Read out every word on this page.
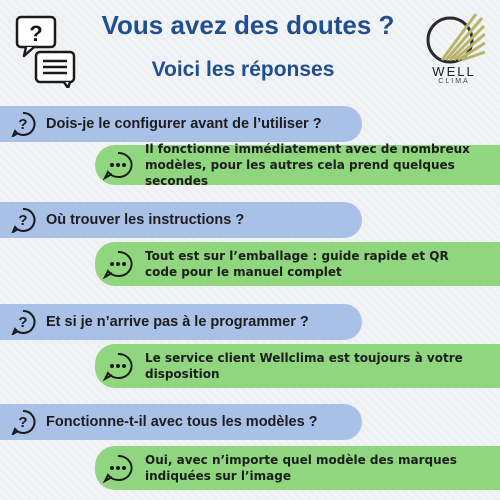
?	Vous avez des doutes ?
Voici les réponses	WELL
CLIMA
? Dois-je le configurer avant de l’utiliser ?
Il fonctionne immédiatement avec de nombreux modèles, pour les autres cela prend quelques secondes
? Où trouver les instructions ?
Tout est sur l’emballage : guide rapide et QR code pour le manuel complet
? Et si je n’arrive pas à le programmer ?
Le service client Wellclima est toujours à votre disposition
? Fonctionne-t-il avec tous les modèles ?
Oui, avec n’importe quel modèle des marques indiquées sur l’image
